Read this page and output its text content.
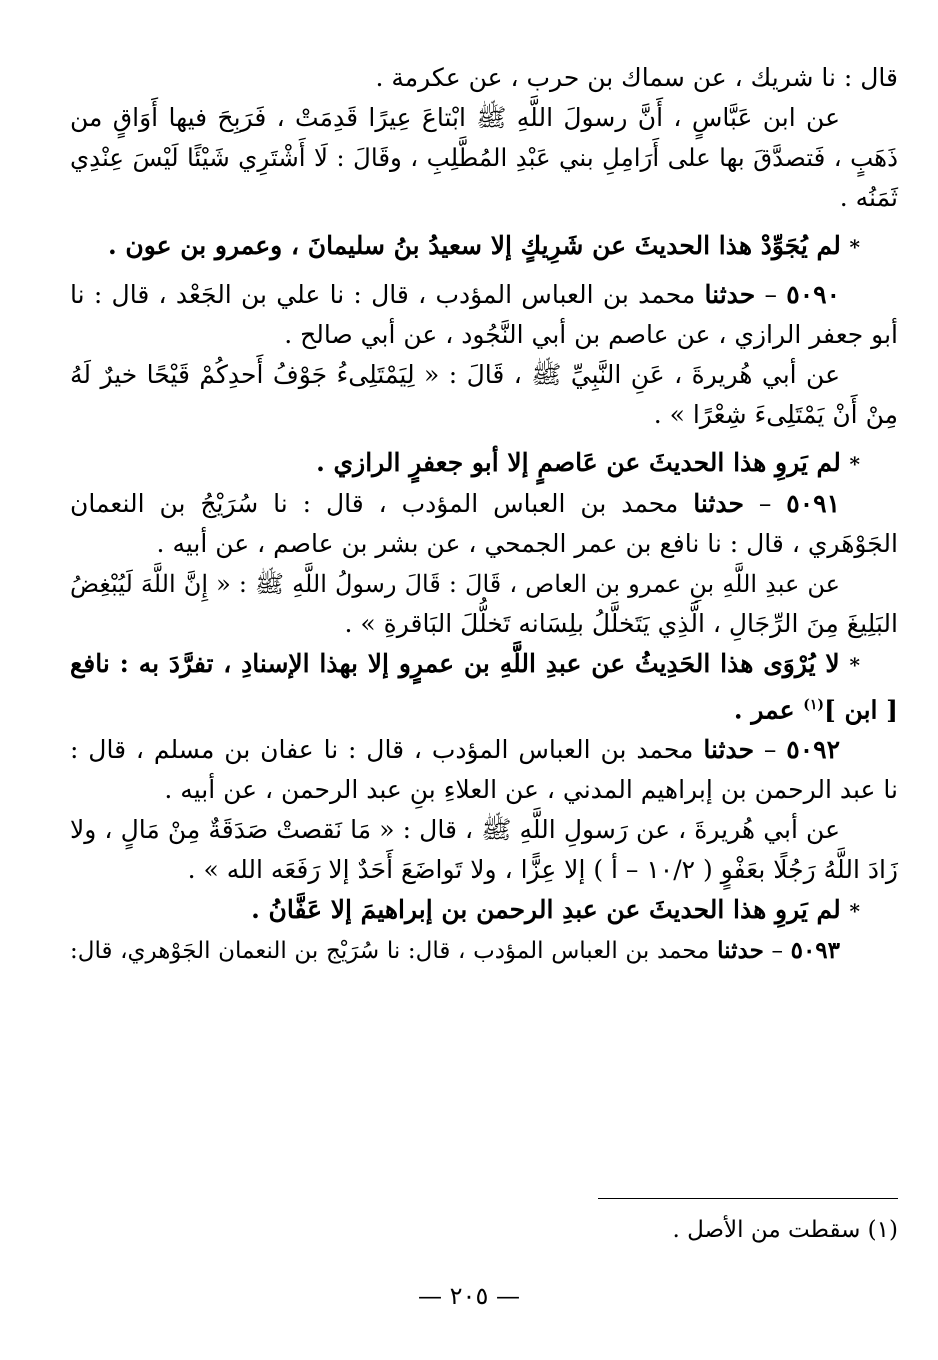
قال : نا شريك ، عن سماك بن حرب ، عن عكرمة .

عن ابن عَبَّاسٍ ، أَنَّ رسولَ اللَّهِ ﷺ ابْتاعَ عِيرًا قَدِمَتْ ، فَرَبِحَ فيها أَوَاقٍ من

ذَهَبٍ ، فَتصدَّقَ بها على أَرَامِلِ بني عَبْدِ المُطَّلِبِ ، وقَالَ : لَا أَشْتَرِي شَيْئًا لَيْسَ عِنْدِي

ثَمَنُه .

* لم يُجَوِّدْ هذا الحديثَ عن شَرِيكٍ إلا سعيدُ بنُ سليمانَ ، وعمرو بن عون .

٥٠٩٠ – حدثنا محمد بن العباس المؤدب ، قال : نا علي بن الجَعْد ، قال : نا

أبو جعفر الرازي ، عن عاصم بن أبي النَّجُود ، عن أبي صالح .

عن أبي هُريرةَ ، عَنِ النَّبِيِّ ﷺ ، قَالَ : « لِيَمْتَلِىءُ جَوْفُ أَحدِكُمْ قَيْحًا خيرٌ لَهُ

مِنْ أَنْ يَمْتَلِىءَ شِعْرًا » .

* لم يَروِ هذا الحديثَ عن عَاصمٍ إلا أبو جعفرٍ الرازي .

٥٠٩١ – حدثنا محمد بن العباس المؤدب ، قال : نا سُرَيْجُ بن النعمان

الجَوْهَري ، قال : نا نافع بن عمر الجمحي ، عن بشر بن عاصم ، عن أبيه .

عن عبدِ اللَّهِ بنِ عمرو بن العاص ، قَالَ : قَالَ رسولُ اللَّهِ ﷺ : « إِنَّ اللَّهَ لَيُبْغِضُ

البَلِيغَ مِنَ الرِّجَالِ ، الَّذِي يَتَخلَّلُ بلِسَانه تَخلُّلَ البَاقرةِ » .

* لا يُرْوَى هذا الحَدِيثُ عن عبدِ اللَّهِ بن عمرٍو إلا بهذا الإسنادِ ، تفرَّدَ به : نافع

[ ابن ]$^{(١)}$ عمر .

٥٠٩٢ – حدثنا محمد بن العباس المؤدب ، قال : نا عفان بن مسلم ، قال :

نا عبد الرحمن بن إبراهيم المدني ، عن العلاءِ بنِ عبد الرحمن ، عن أبيه .

عن أبي هُريرةَ ، عن رَسولِ اللَّهِ ﷺ ، قال : « مَا نَقصتْ صَدَقَةٌ مِنْ مَالٍ ، ولا

زَادَ اللَّهُ رَجُلًا بعَفْوٍ ( ١٠/٢ – أ ) إلا عِزًّا ، ولا تَواضَعَ أَحَدٌ إلا رَفَعَه الله » .

* لم يَروِ هذا الحديثَ عن عبدِ الرحمن بن إبراهيمَ إلا عَفَّانُ .

٥٠٩٣ – حدثنا محمد بن العباس المؤدب ، قال: نا سُرَيْج بن النعمان الجَوْهري، قال:

(١) سقطت من الأصل .
— ٢٠٥ —
